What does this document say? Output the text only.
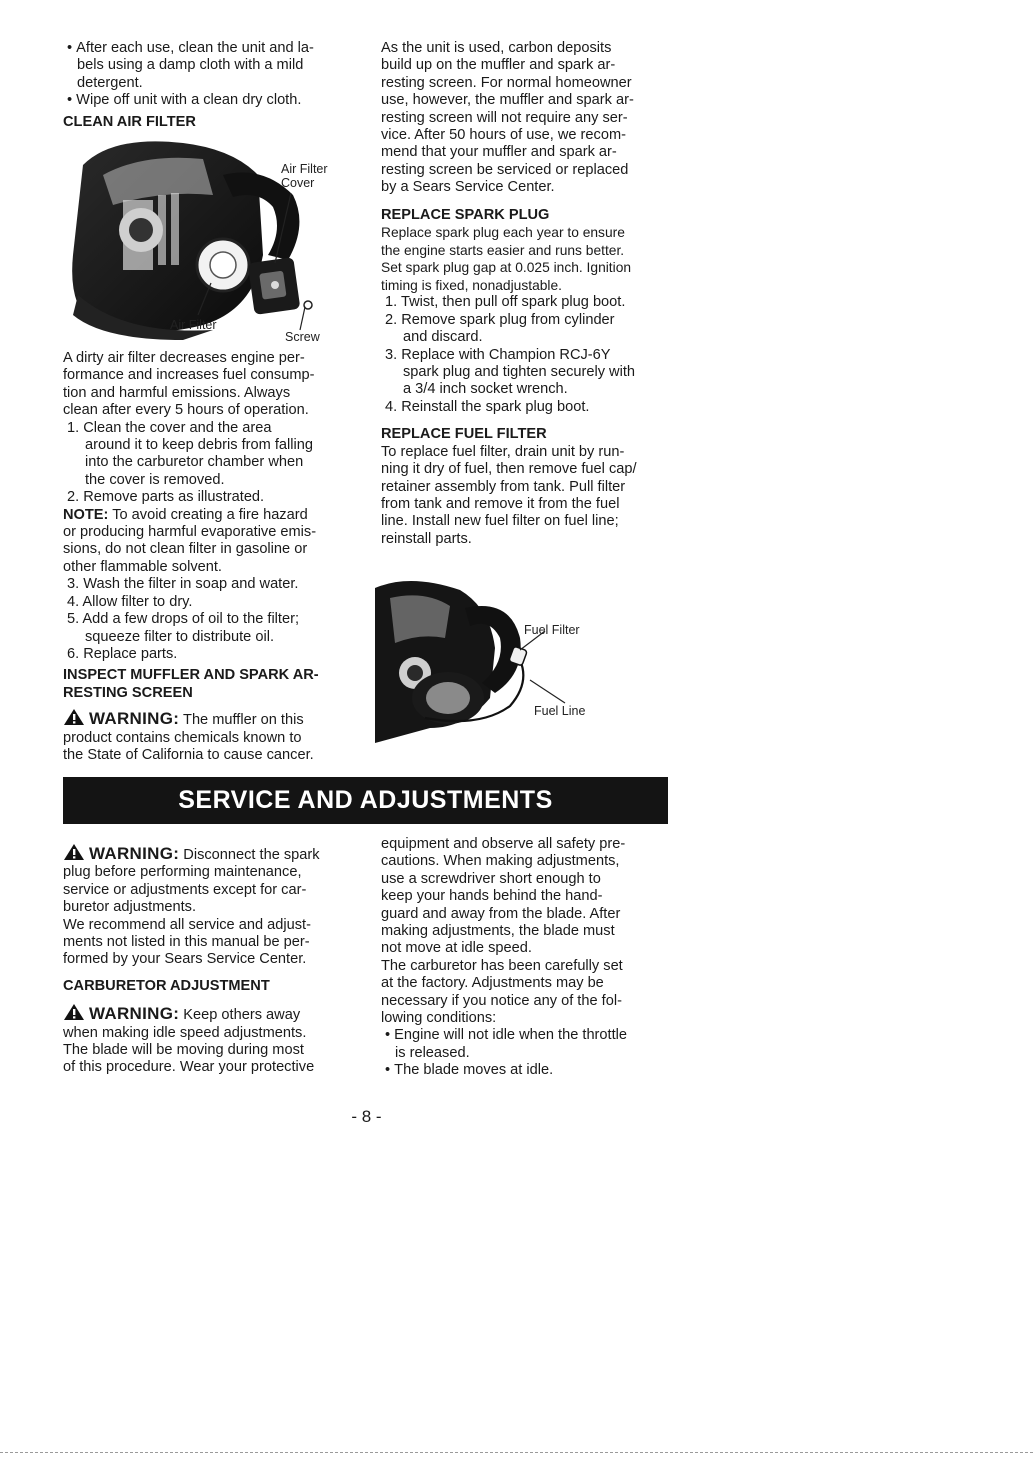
• After each use, clean the unit and la-
bels using a damp cloth with a mild
detergent.

• Wipe off unit with a clean dry cloth.

CLEAN AIR FILTER

Air Filter
Cover
Air Filter
Screw

A dirty air filter decreases engine per-
formance and increases fuel consump-
tion and harmful emissions. Always
clean after every 5 hours of operation.

1. Clean the cover and the area
around it to keep debris from falling
into the carburetor chamber when
the cover is removed.

2. Remove parts as illustrated.

NOTE: To avoid creating a fire hazard
or producing harmful evaporative emis-
sions, do not clean filter in gasoline or
other flammable solvent.

3. Wash the filter in soap and water.

4. Allow filter to dry.

5. Add a few drops of oil to the filter;
squeeze filter to distribute oil.

6. Replace parts.

INSPECT MUFFLER AND SPARK AR-
RESTING SCREEN

WARNING: The muffler on this
product contains chemicals known to
the State of California to cause cancer.

As the unit is used, carbon deposits
build up on the muffler and spark ar-
resting screen. For normal homeowner
use, however, the muffler and spark ar-
resting screen will not require any ser-
vice. After 50 hours of use, we recom-
mend that your muffler and spark ar-
resting screen be serviced or replaced
by a Sears Service Center.

REPLACE SPARK PLUG

Replace spark plug each year to ensure
the engine starts easier and runs better.
Set spark plug gap at 0.025 inch. Ignition
timing is fixed, nonadjustable.

1. Twist, then pull off spark plug boot.

2. Remove spark plug from cylinder
and discard.

3. Replace with Champion RCJ-6Y
spark plug and tighten securely with
a 3/4 inch socket wrench.

4. Reinstall the spark plug boot.

REPLACE FUEL FILTER

To replace fuel filter, drain unit by run-
ning it dry of fuel, then remove fuel cap/
retainer assembly from tank. Pull filter
from tank and remove it from the fuel
line. Install new fuel filter on fuel line;
reinstall parts.

Fuel Filter
Fuel Line
SERVICE AND ADJUSTMENTS

WARNING: Disconnect the spark
plug before performing maintenance,
service or adjustments except for car-
buretor adjustments.

We recommend all service and adjust-
ments not listed in this manual be per-
formed by your Sears Service Center.

CARBURETOR ADJUSTMENT

WARNING: Keep others away
when making idle speed adjustments.
The blade will be moving during most
of this procedure. Wear your protective

equipment and observe all safety pre-
cautions. When making adjustments,
use a screwdriver short enough to
keep your hands behind the hand-
guard and away from the blade. After
making adjustments, the blade must
not move at idle speed.

The carburetor has been carefully set
at the factory. Adjustments may be
necessary if you notice any of the fol-
lowing conditions:

• Engine will not idle when the throttle
is released.

• The blade moves at idle.

- 8 -
